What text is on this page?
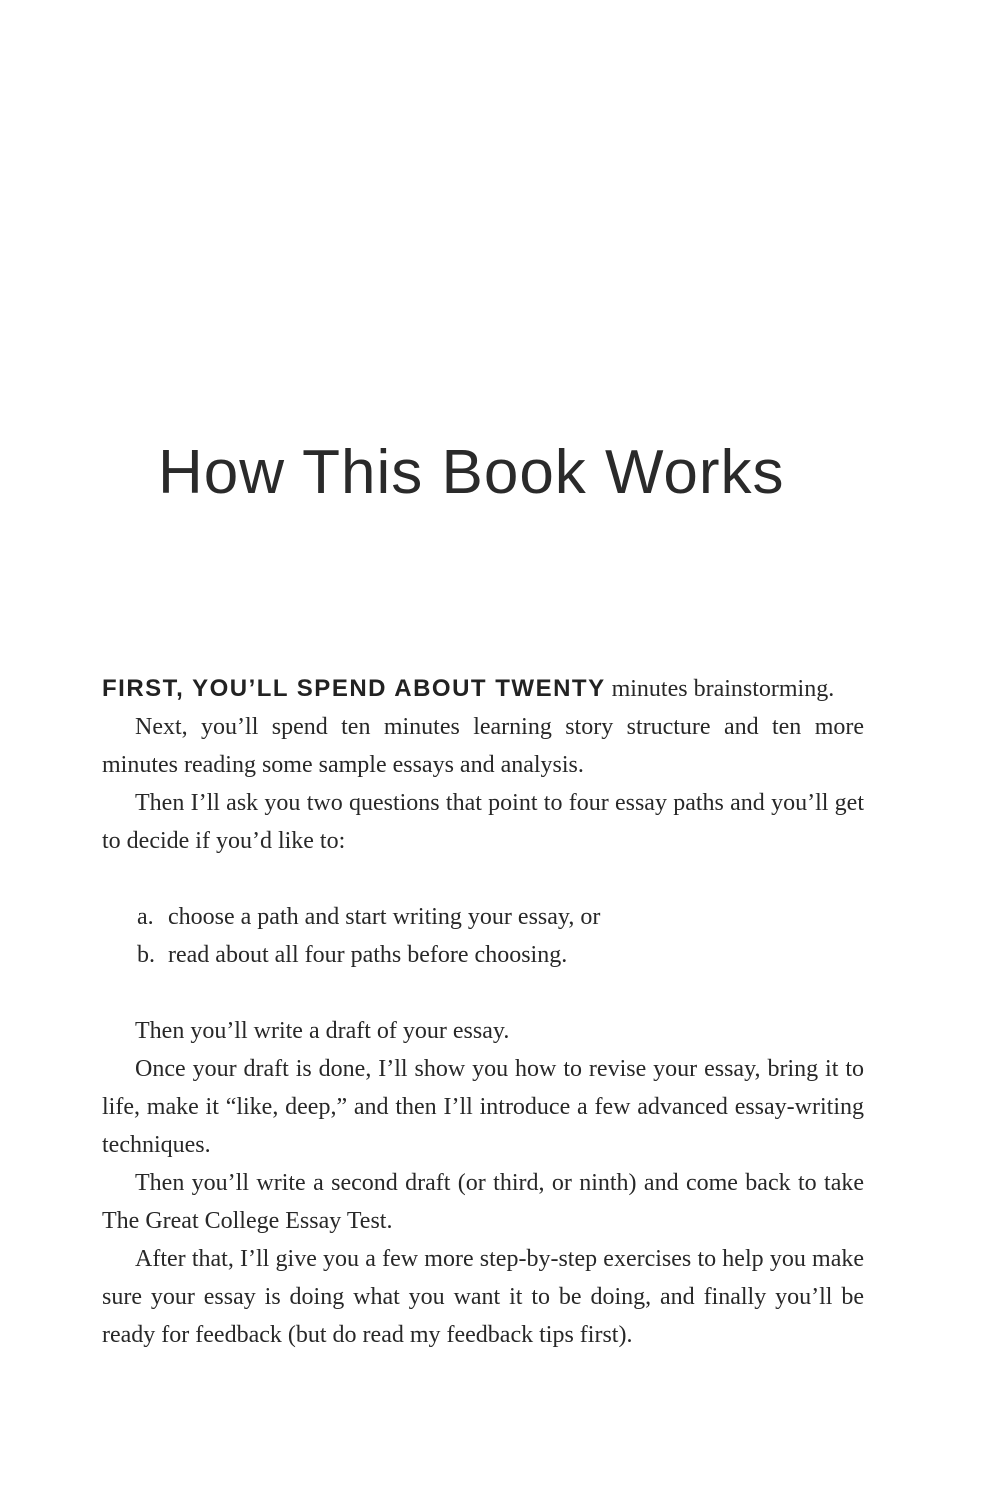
How This Book Works

FIRST, YOU’LL SPEND ABOUT TWENTY minutes brainstorming.

Next, you’ll spend ten minutes learning story structure and ten more minutes reading some sample essays and analysis.

Then I’ll ask you two questions that point to four essay paths and you’ll get to decide if you’d like to:

a. choose a path and start writing your essay, or
b. read about all four paths before choosing.

Then you’ll write a draft of your essay.

Once your draft is done, I’ll show you how to revise your essay, bring it to life, make it “like, deep,” and then I’ll introduce a few advanced essay-writing techniques.

Then you’ll write a second draft (or third, or ninth) and come back to take The Great College Essay Test.

After that, I’ll give you a few more step-by-step exercises to help you make sure your essay is doing what you want it to be doing, and finally you’ll be ready for feedback (but do read my feedback tips first).
